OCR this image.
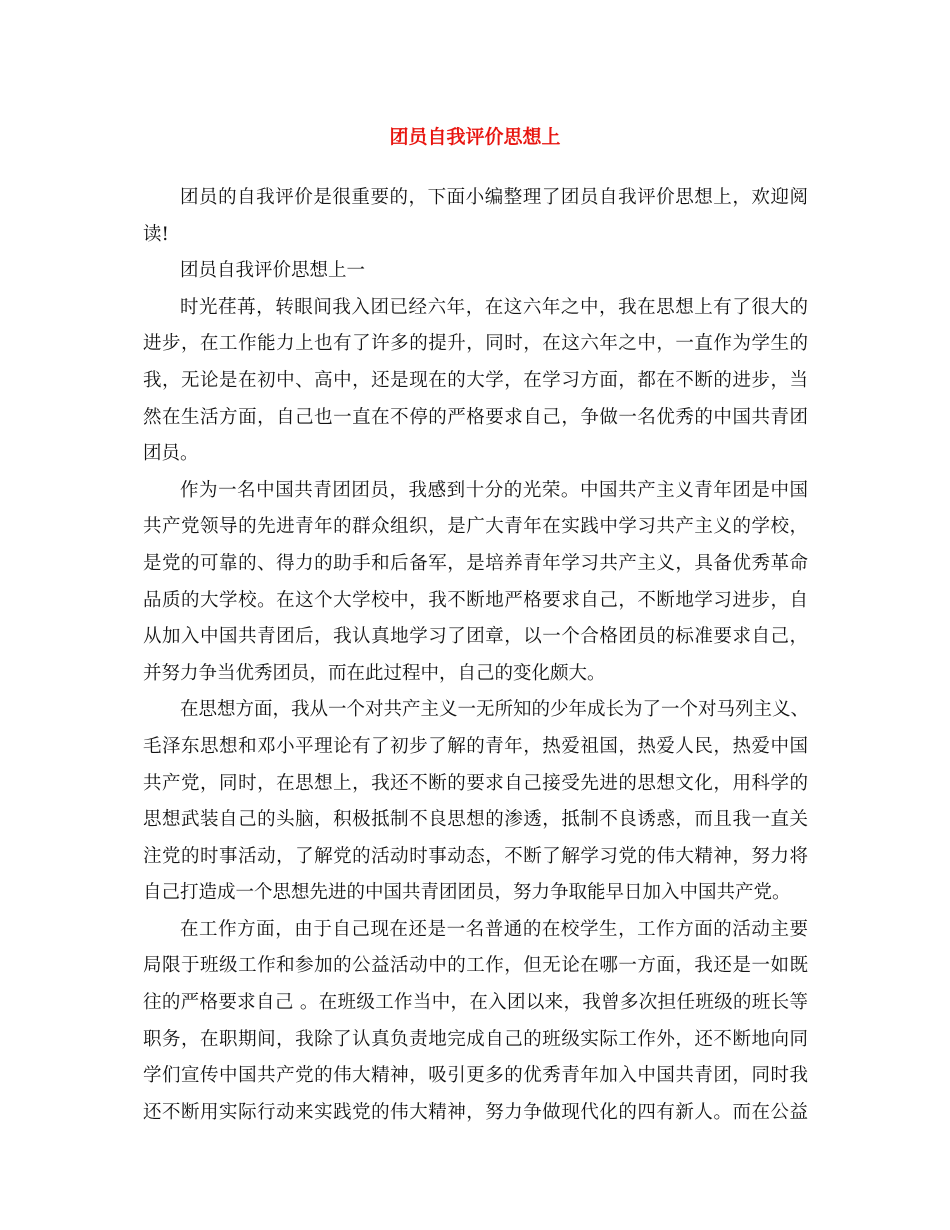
团员自我评价思想上
团员的自我评价是很重要的，下面小编整理了团员自我评价思想上，欢迎阅
读!
团员自我评价思想上一
时光荏苒，转眼间我入团已经六年，在这六年之中，我在思想上有了很大的
进步，在工作能力上也有了许多的提升，同时，在这六年之中，一直作为学生的
我，无论是在初中、高中，还是现在的大学，在学习方面，都在不断的进步，当
然在生活方面，自己也一直在不停的严格要求自己，争做一名优秀的中国共青团
团员。
作为一名中国共青团团员，我感到十分的光荣。中国共产主义青年团是中国
共产党领导的先进青年的群众组织，是广大青年在实践中学习共产主义的学校，
是党的可靠的、得力的助手和后备军，是培养青年学习共产主义，具备优秀革命
品质的大学校。在这个大学校中，我不断地严格要求自己，不断地学习进步，自
从加入中国共青团后，我认真地学习了团章，以一个合格团员的标准要求自己，
并努力争当优秀团员，而在此过程中，自己的变化颇大。
在思想方面，我从一个对共产主义一无所知的少年成长为了一个对马列主义、
毛泽东思想和邓小平理论有了初步了解的青年，热爱祖国，热爱人民，热爱中国
共产党，同时，在思想上，我还不断的要求自己接受先进的思想文化，用科学的
思想武装自己的头脑，积极抵制不良思想的渗透，抵制不良诱惑，而且我一直关
注党的时事活动，了解党的活动时事动态，不断了解学习党的伟大精神，努力将
自己打造成一个思想先进的中国共青团团员，努力争取能早日加入中国共产党。
在工作方面，由于自己现在还是一名普通的在校学生，工作方面的活动主要
局限于班级工作和参加的公益活动中的工作，但无论在哪一方面，我还是一如既
往的严格要求自己 。在班级工作当中，在入团以来，我曾多次担任班级的班长等
职务，在职期间，我除了认真负责地完成自己的班级实际工作外，还不断地向同
学们宣传中国共产党的伟大精神，吸引更多的优秀青年加入中国共青团，同时我
还不断用实际行动来实践党的伟大精神，努力争做现代化的四有新人。而在公益
